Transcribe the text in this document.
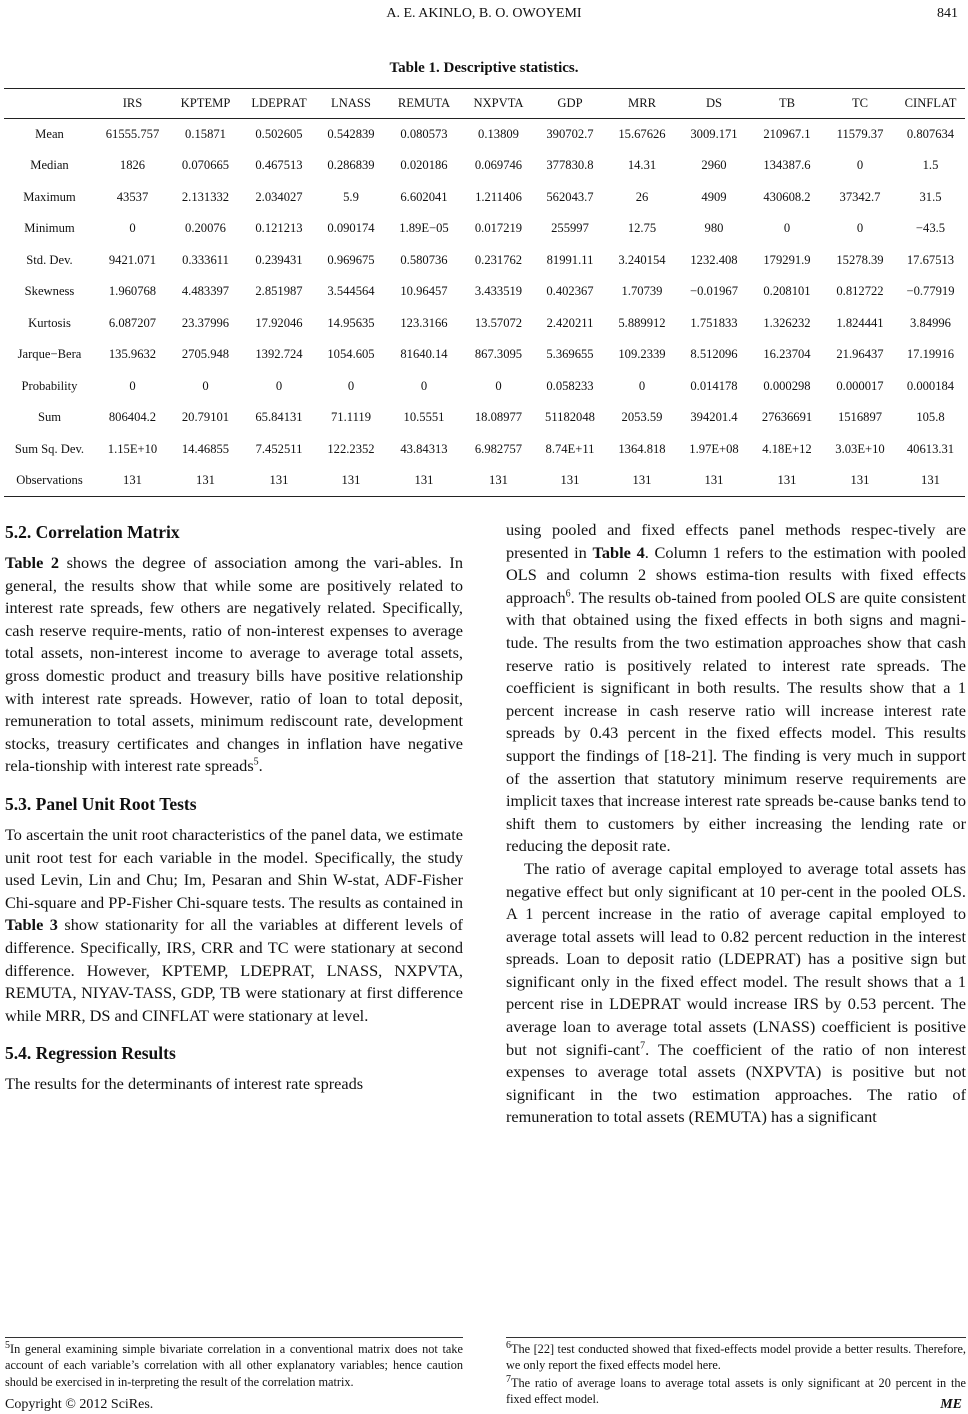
A. E. AKINLO, B. O. OWOYEMI	841
Table 1. Descriptive statistics.
	IRS	KPTEMP	LDEPRAT	LNASS	REMUTA	NXPVTA	GDP	MRR	DS	TB	TC	CINFLAT
Mean	61555.757	0.15871	0.502605	0.542839	0.080573	0.13809	390702.7	15.67626	3009.171	210967.1	11579.37	0.807634
Median	1826	0.070665	0.467513	0.286839	0.020186	0.069746	377830.8	14.31	2960	134387.6	0	1.5
Maximum	43537	2.131332	2.034027	5.9	6.602041	1.211406	562043.7	26	4909	430608.2	37342.7	31.5
Minimum	0	0.20076	0.121213	0.090174	1.89E−05	0.017219	255997	12.75	980	0	0	−43.5
Std. Dev.	9421.071	0.333611	0.239431	0.969675	0.580736	0.231762	81991.11	3.240154	1232.408	179291.9	15278.39	17.67513
Skewness	1.960768	4.483397	2.851987	3.544564	10.96457	3.433519	0.402367	1.70739	−0.01967	0.208101	0.812722	−0.77919
Kurtosis	6.087207	23.37996	17.92046	14.95635	123.3166	13.57072	2.420211	5.889912	1.751833	1.326232	1.824441	3.84996
Jarque−Bera	135.9632	2705.948	1392.724	1054.605	81640.14	867.3095	5.369655	109.2339	8.512096	16.23704	21.96437	17.19916
Probability	0	0	0	0	0	0	0.058233	0	0.014178	0.000298	0.000017	0.000184
Sum	806404.2	20.79101	65.84131	71.1119	10.5551	18.08977	51182048	2053.59	394201.4	27636691	1516897	105.8
Sum Sq. Dev.	1.15E+10	14.46855	7.452511	122.2352	43.84313	6.982757	8.74E+11	1364.818	1.97E+08	4.18E+12	3.03E+10	40613.31
Observations	131	131	131	131	131	131	131	131	131	131	131	131
5.2. Correlation Matrix

Table 2 shows the degree of association among the vari-ables. In general, the results show that while some are positively related to interest rate spreads, few others are negatively related. Specifically, cash reserve require-ments, ratio of non-interest expenses to average total assets, non-interest income to average to average total assets, gross domestic product and treasury bills have positive relationship with interest rate spreads. However, ratio of loan to total deposit, remuneration to total assets, minimum rediscount rate, development stocks, treasury certificates and changes in inflation have negative rela-tionship with interest rate spreads$^5$.

5.3. Panel Unit Root Tests

To ascertain the unit root characteristics of the panel data, we estimate unit root test for each variable in the model. Specifically, the study used Levin, Lin and Chu; Im, Pesaran and Shin W-stat, ADF-Fisher Chi-square and PP-Fisher Chi-square tests. The results as contained in Table 3 show stationarity for all the variables at different levels of difference. Specifically, IRS, CRR and TC were stationary at second difference. However, KPTEMP, LDEPRAT, LNASS, NXPVTA, REMUTA, NIYAV-TASS, GDP, TB were stationary at first difference while MRR, DS and CINFLAT were stationary at level.

5.4. Regression Results

The results for the determinants of interest rate spreads

using pooled and fixed effects panel methods respec-tively are presented in Table 4. Column 1 refers to the estimation with pooled OLS and column 2 shows estima-tion results with fixed effects approach$^6$. The results ob-tained from pooled OLS are quite consistent with that obtained using the fixed effects in both signs and magni-tude. The results from the two estimation approaches show that cash reserve ratio is positively related to interest rate spreads. The coefficient is significant in both results. The results show that a 1 percent increase in cash reserve ratio will increase interest rate spreads by 0.43 percent in the fixed effects model. This results support the findings of [18-21]. The finding is very much in support of the assertion that statutory minimum reserve requirements are implicit taxes that increase interest rate spreads be-cause banks tend to shift them to customers by either increasing the lending rate or reducing the deposit rate.

The ratio of average capital employed to average total assets has negative effect but only significant at 10 per-cent in the pooled OLS. A 1 percent increase in the ratio of average capital employed to average total assets will lead to 0.82 percent reduction in the interest spreads. Loan to deposit ratio (LDEPRAT) has a positive sign but significant only in the fixed effect model. The result shows that a 1 percent rise in LDEPRAT would increase IRS by 0.53 percent. The average loan to average total assets (LNASS) coefficient is positive but not signifi-cant$^7$. The coefficient of the ratio of non interest expenses to average total assets (NXPVTA) is positive but not significant in the two estimation approaches. The ratio of remuneration to total assets (REMUTA) has a significant

$^5$In general examining simple bivariate correlation in a conventional matrix does not take account of each variable’s correlation with all other explanatory variables; hence caution should be exercised in in-terpreting the result of the correlation matrix.

$^6$The [22] test conducted showed that fixed-effects model provide a better results. Therefore, we only report the fixed effects model here.

$^7$The ratio of average loans to average total assets is only significant at 20 percent in the fixed effect model.

Copyright © 2012 SciRes.	ME
